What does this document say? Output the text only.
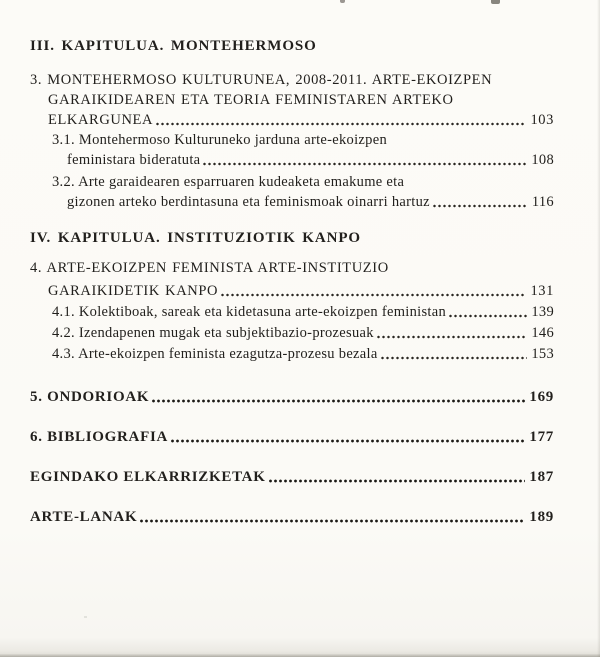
III. KAPITULUA. MONTEHERMOSO
3. MONTEHERMOSO KULTURUNEA, 2008-2011. ARTE-EKOIZPEN
GARAIKIDEAREN ETA TEORIA FEMINISTAREN ARTEKO
ELKARGUNEA	103
3.1. Montehermoso Kulturuneko jarduna arte-ekoizpen
feministara bideratuta	108
3.2. Arte garaidearen esparruaren kudeaketa emakume eta
gizonen arteko berdintasuna eta feminismoak oinarri hartuz	116
IV. KAPITULUA. INSTITUZIOTIK KANPO
4. ARTE-EKOIZPEN FEMINISTA ARTE-INSTITUZIO
GARAIKIDETIK KANPO	131
4.1. Kolektiboak, sareak eta kidetasuna arte-ekoizpen feministan	139
4.2. Izendapenen mugak eta subjektibazio-prozesuak	146
4.3. Arte-ekoizpen feminista ezagutza-prozesu bezala	153
5. ONDORIOAK	169
6. BIBLIOGRAFIA	177
EGINDAKO ELKARRIZKETAK	187
ARTE-LANAK	189
